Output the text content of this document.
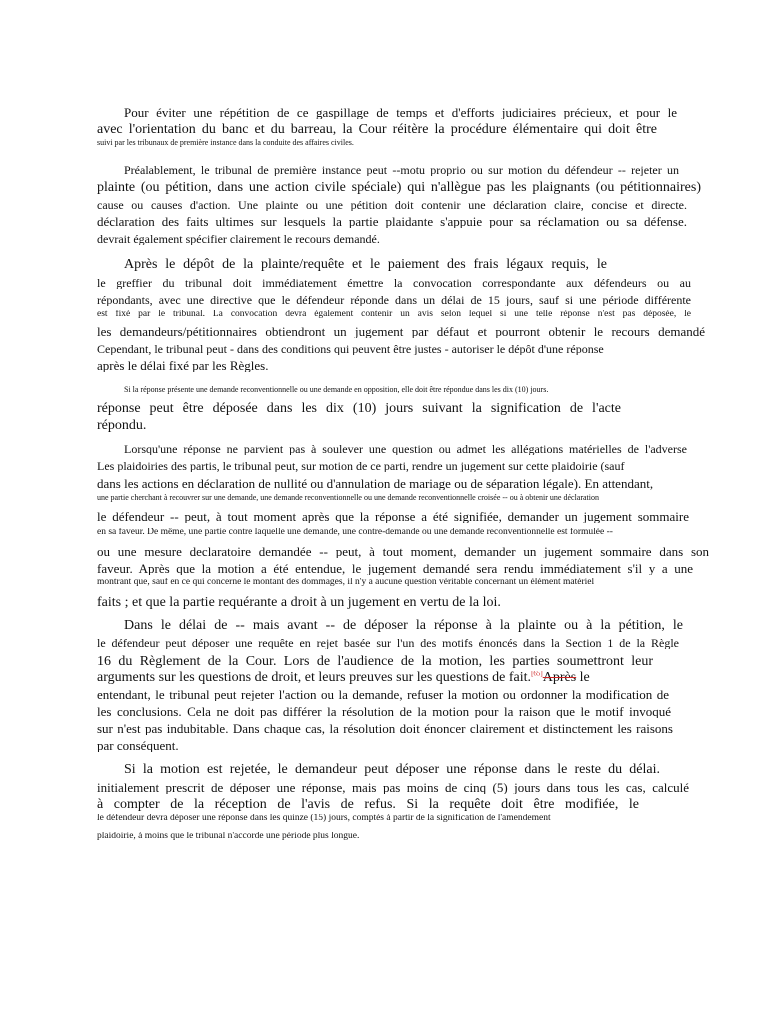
Pour éviter une répétition de ce gaspillage de temps et d'efforts judiciaires précieux, et pour le
avec l'orientation du banc et du barreau, la Cour réitère la procédure élémentaire qui doit être
suivi par les tribunaux de première instance dans la conduite des affaires civiles.
Préalablement, le tribunal de première instance peut --motu proprio ou sur motion du défendeur -- rejeter un
plainte (ou pétition, dans une action civile spéciale) qui n'allègue pas les plaignants (ou pétitionnaires)
cause ou causes d'action. Une plainte ou une pétition doit contenir une déclaration claire, concise et directe.
déclaration des faits ultimes sur lesquels la partie plaidante s'appuie pour sa réclamation ou sa défense.
devrait également spécifier clairement le recours demandé.
Après le dépôt de la plainte/requête et le paiement des frais légaux requis, le
le greffier du tribunal doit immédiatement émettre la convocation correspondante aux défendeurs ou au
répondants, avec une directive que le défendeur réponde dans un délai de 15 jours, sauf si une période différente
est fixé par le tribunal. La convocation devra également contenir un avis selon lequel si une telle réponse n'est pas déposée, le
les demandeurs/pétitionnaires obtiendront un jugement par défaut et pourront obtenir le recours demandé
Cependant, le tribunal peut - dans des conditions qui peuvent être justes - autoriser le dépôt d'une réponse
après le délai fixé par les Règles.
Si la réponse présente une demande reconventionnelle ou une demande en opposition, elle doit être répondue dans les dix (10) jours.
réponse peut être déposée dans les dix (10) jours suivant la signification de l'acte
répondu.
Lorsqu'une réponse ne parvient pas à soulever une question ou admet les allégations matérielles de l'adverse
Les plaidoiries des partis, le tribunal peut, sur motion de ce parti, rendre un jugement sur cette plaidoirie (sauf
dans les actions en déclaration de nullité ou d'annulation de mariage ou de séparation légale). En attendant,
une partie cherchant à recouvrer sur une demande, une demande reconventionnelle ou une demande reconventionnelle croisée -- ou à obtenir une déclaration
le défendeur -- peut, à tout moment après que la réponse a été signifiée, demander un jugement sommaire
en sa faveur. De même, une partie contre laquelle une demande, une contre-demande ou une demande reconventionnelle est formulée --
ou une mesure declaratoire demandée -- peut, à tout moment, demander un jugement sommaire dans son
faveur. Après que la motion a été entendue, le jugement demandé sera rendu immédiatement s'il y a une
montrant que, sauf en ce qui concerne le montant des dommages, il n'y a aucune question véritable concernant un élément matériel
faits ; et que la partie requérante a droit à un jugement en vertu de la loi.
Dans le délai de -- mais avant -- de déposer la réponse à la plainte ou à la pétition, le
le défendeur peut déposer une requête en rejet basée sur l'un des motifs énoncés dans la Section 1 de la Règle
16 du Règlement de la Cour. Lors de l'audience de la motion, les parties soumettront leur
arguments sur les questions de droit, et leurs preuves sur les questions de fait.[65]Après le
entendant, le tribunal peut rejeter l'action ou la demande, refuser la motion ou ordonner la modification de
les conclusions. Cela ne doit pas différer la résolution de la motion pour la raison que le motif invoqué
sur n'est pas indubitable. Dans chaque cas, la résolution doit énoncer clairement et distinctement les raisons
par conséquent.
Si la motion est rejetée, le demandeur peut déposer une réponse dans le reste du délai.
initialement prescrit de déposer une réponse, mais pas moins de cinq (5) jours dans tous les cas, calculé
à compter de la réception de l'avis de refus. Si la requête doit être modifiée, le
le défendeur devra déposer une réponse dans les quinze (15) jours, comptés à partir de la signification de l'amendement
plaidoirie, à moins que le tribunal n'accorde une période plus longue.
